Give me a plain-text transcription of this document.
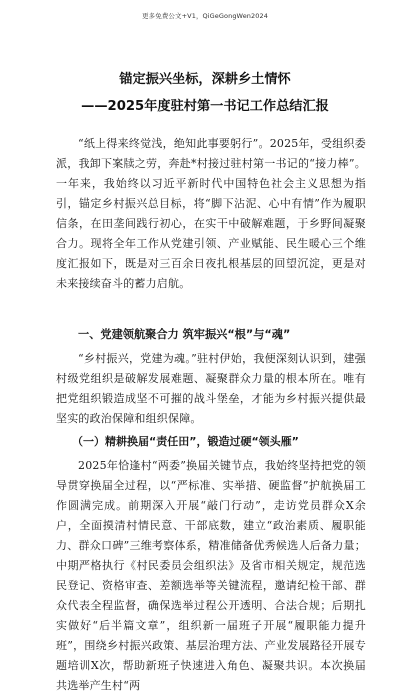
更多免费公文+V1，QiGeGongWen2024
锚定振兴坐标，深耕乡土情怀
——2025年度驻村第一书记工作总结汇报

“纸上得来终觉浅，绝知此事要躬行”。2025年，受组织委派，我卸下案牍之劳，奔赴*村接过驻村第一书记的“接力棒”。一年来，我始终以习近平新时代中国特色社会主义思想为指引，锚定乡村振兴总目标，将“脚下沾泥、心中有情”作为履职信条，在田垄间践行初心，在实干中破解难题，于乡野间凝聚合力。现将全年工作从党建引领、产业赋能、民生暖心三个维度汇报如下，既是对三百余日夜扎根基层的回望沉淀，更是对未来接续奋斗的蓄力启航。

一、党建领航聚合力 筑牢振兴“根”与“魂”

“乡村振兴，党建为魂。”驻村伊始，我便深刻认识到，建强村级党组织是破解发展难题、凝聚群众力量的根本所在。唯有把党组织锻造成坚不可摧的战斗堡垒，才能为乡村振兴提供最坚实的政治保障和组织保障。

（一）精耕换届“责任田”，锻造过硬“领头雁”

2025年恰逢村“两委”换届关键节点，我始终坚持把党的领导贯穿换届全过程，以“严标准、实举措、硬监督”护航换届工作圆满完成。前期深入开展“敲门行动”，走访党员群众X余户，全面摸清村情民意、干部底数，建立“政治素质、履职能力、群众口碑”三维考察体系，精准储备优秀候选人后备力量；中期严格执行《村民委员会组织法》及省市相关规定，规范选民登记、资格审查、差额选举等关键流程，邀请纪检干部、群众代表全程监督，确保选举过程公开透明、合法合规；后期扎实做好“后半篇文章”，组织新一届班子开展“履职能力提升班”，围绕乡村振兴政策、基层治理方法、产业发展路径开展专题培训X次，帮助新班子快速进入角色、凝聚共识。本次换届共选举产生村“两
